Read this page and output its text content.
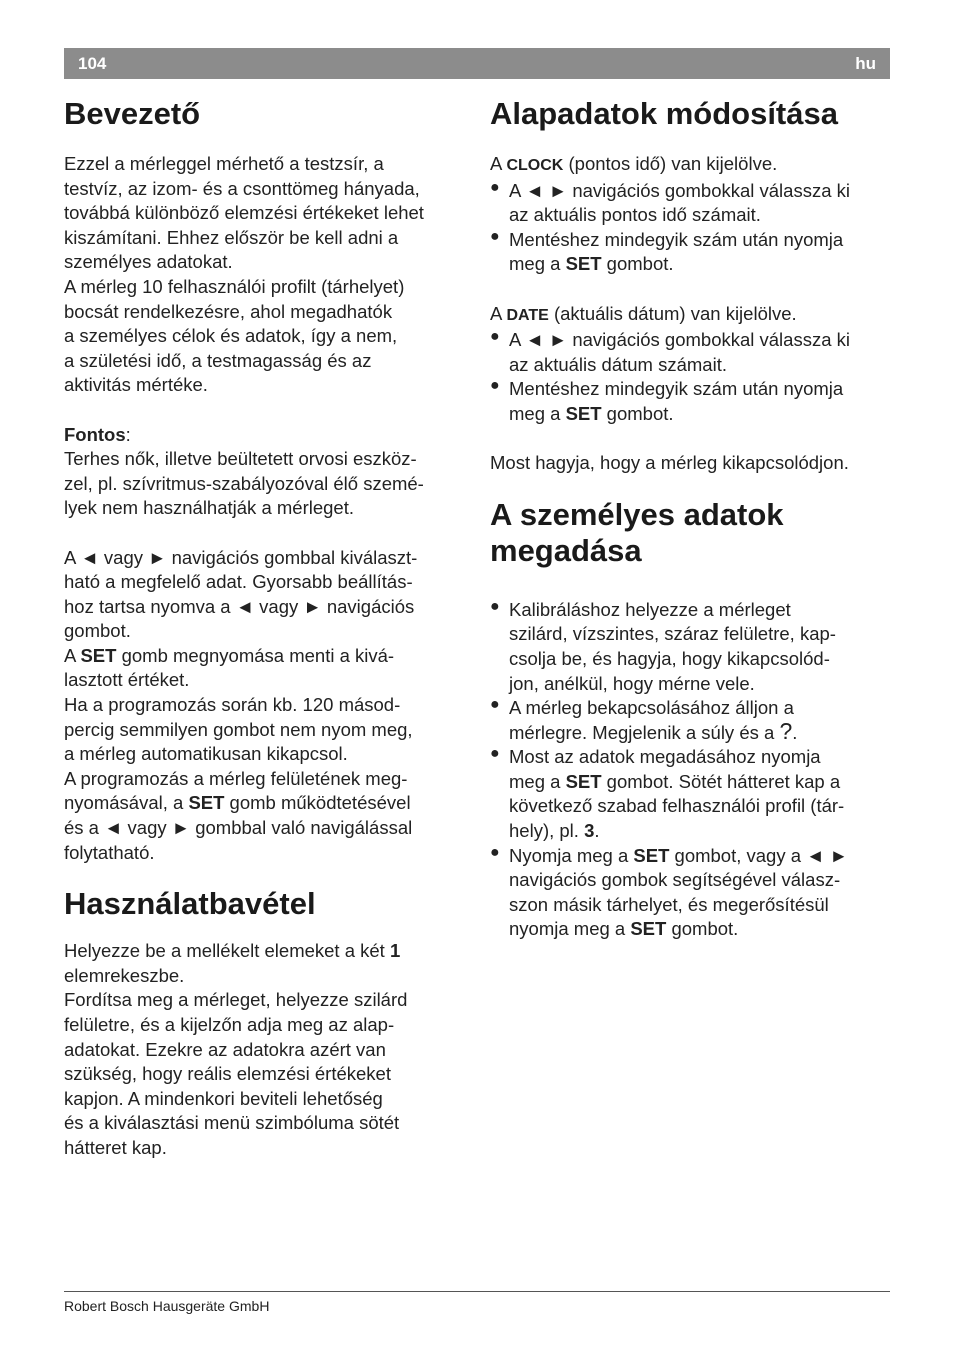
104	hu
Bevezető

Ezzel a mérleggel mérhető a testzsír, a

testvíz, az izom- és a csonttömeg hányada,

továbbá különböző elemzési értékeket lehet

kiszámítani. Ehhez először be kell adni a

személyes adatokat.

A mérleg 10 felhasználói profilt (tárhelyet)

bocsát rendelkezésre, ahol megadhatók

a személyes célok és adatok, így a nem,

a születési idő, a testmagasság és az

aktivitás mértéke.

Fontos:

Terhes nők, illetve beültetett orvosi eszköz-

zel, pl. szívritmus-szabályozóval élő szemé-

lyek nem használhatják a mérleget.

A ◄ vagy ► navigációs gombbal kiválaszt-

ható a megfelelő adat. Gyorsabb beállítás-

hoz tartsa nyomva a ◄ vagy ► navigációs

gombot.

A SET gomb megnyomása menti a kivá-

lasztott értéket.

Ha a programozás során kb. 120 másod-

percig semmilyen gombot nem nyom meg,

a mérleg automatikusan kikapcsol.

A programozás a mérleg felületének meg-

nyomásával, a SET gomb működtetésével

és a ◄ vagy ► gombbal való navigálással

folytatható.

Használatbavétel

Helyezze be a mellékelt elemeket a két 1

elemrekeszbe.

Fordítsa meg a mérleget, helyezze szilárd

felületre, és a kijelzőn adja meg az alap-

adatokat. Ezekre az adatokra azért van

szükség, hogy reális elemzési értékeket

kapjon. A mindenkori beviteli lehetőség

és a kiválasztási menü szimbóluma sötét

hátteret kap.

Alapadatok módosítása

A CLOCK (pontos idő) van kijelölve.

● A ◄ ► navigációs gombokkal válassza ki

az aktuális pontos idő számait.

● Mentéshez mindegyik szám után nyomja

meg a SET gombot.

A DATE (aktuális dátum) van kijelölve.

● A ◄ ► navigációs gombokkal válassza ki

az aktuális dátum számait.

● Mentéshez mindegyik szám után nyomja

meg a SET gombot.

Most hagyja, hogy a mérleg kikapcsolódjon.

A személyes adatok
megadása
● Kalibráláshoz helyezze a mérleget

szilárd, vízszintes, száraz felületre, kap-

csolja be, és hagyja, hogy kikapcsolód-

jon, anélkül, hogy mérne vele.

● A mérleg bekapcsolásához álljon a

mérlegre. Megjelenik a súly és a ?.

● Most az adatok megadásához nyomja

meg a SET gombot. Sötét hátteret kap a

következő szabad felhasználói profil (tár-

hely), pl. 3.

● Nyomja meg a SET gombot, vagy a ◄ ►

navigációs gombok segítségével válasz-

szon másik tárhelyet, és megerősítésül

nyomja meg a SET gombot.

Robert Bosch Hausgeräte GmbH
